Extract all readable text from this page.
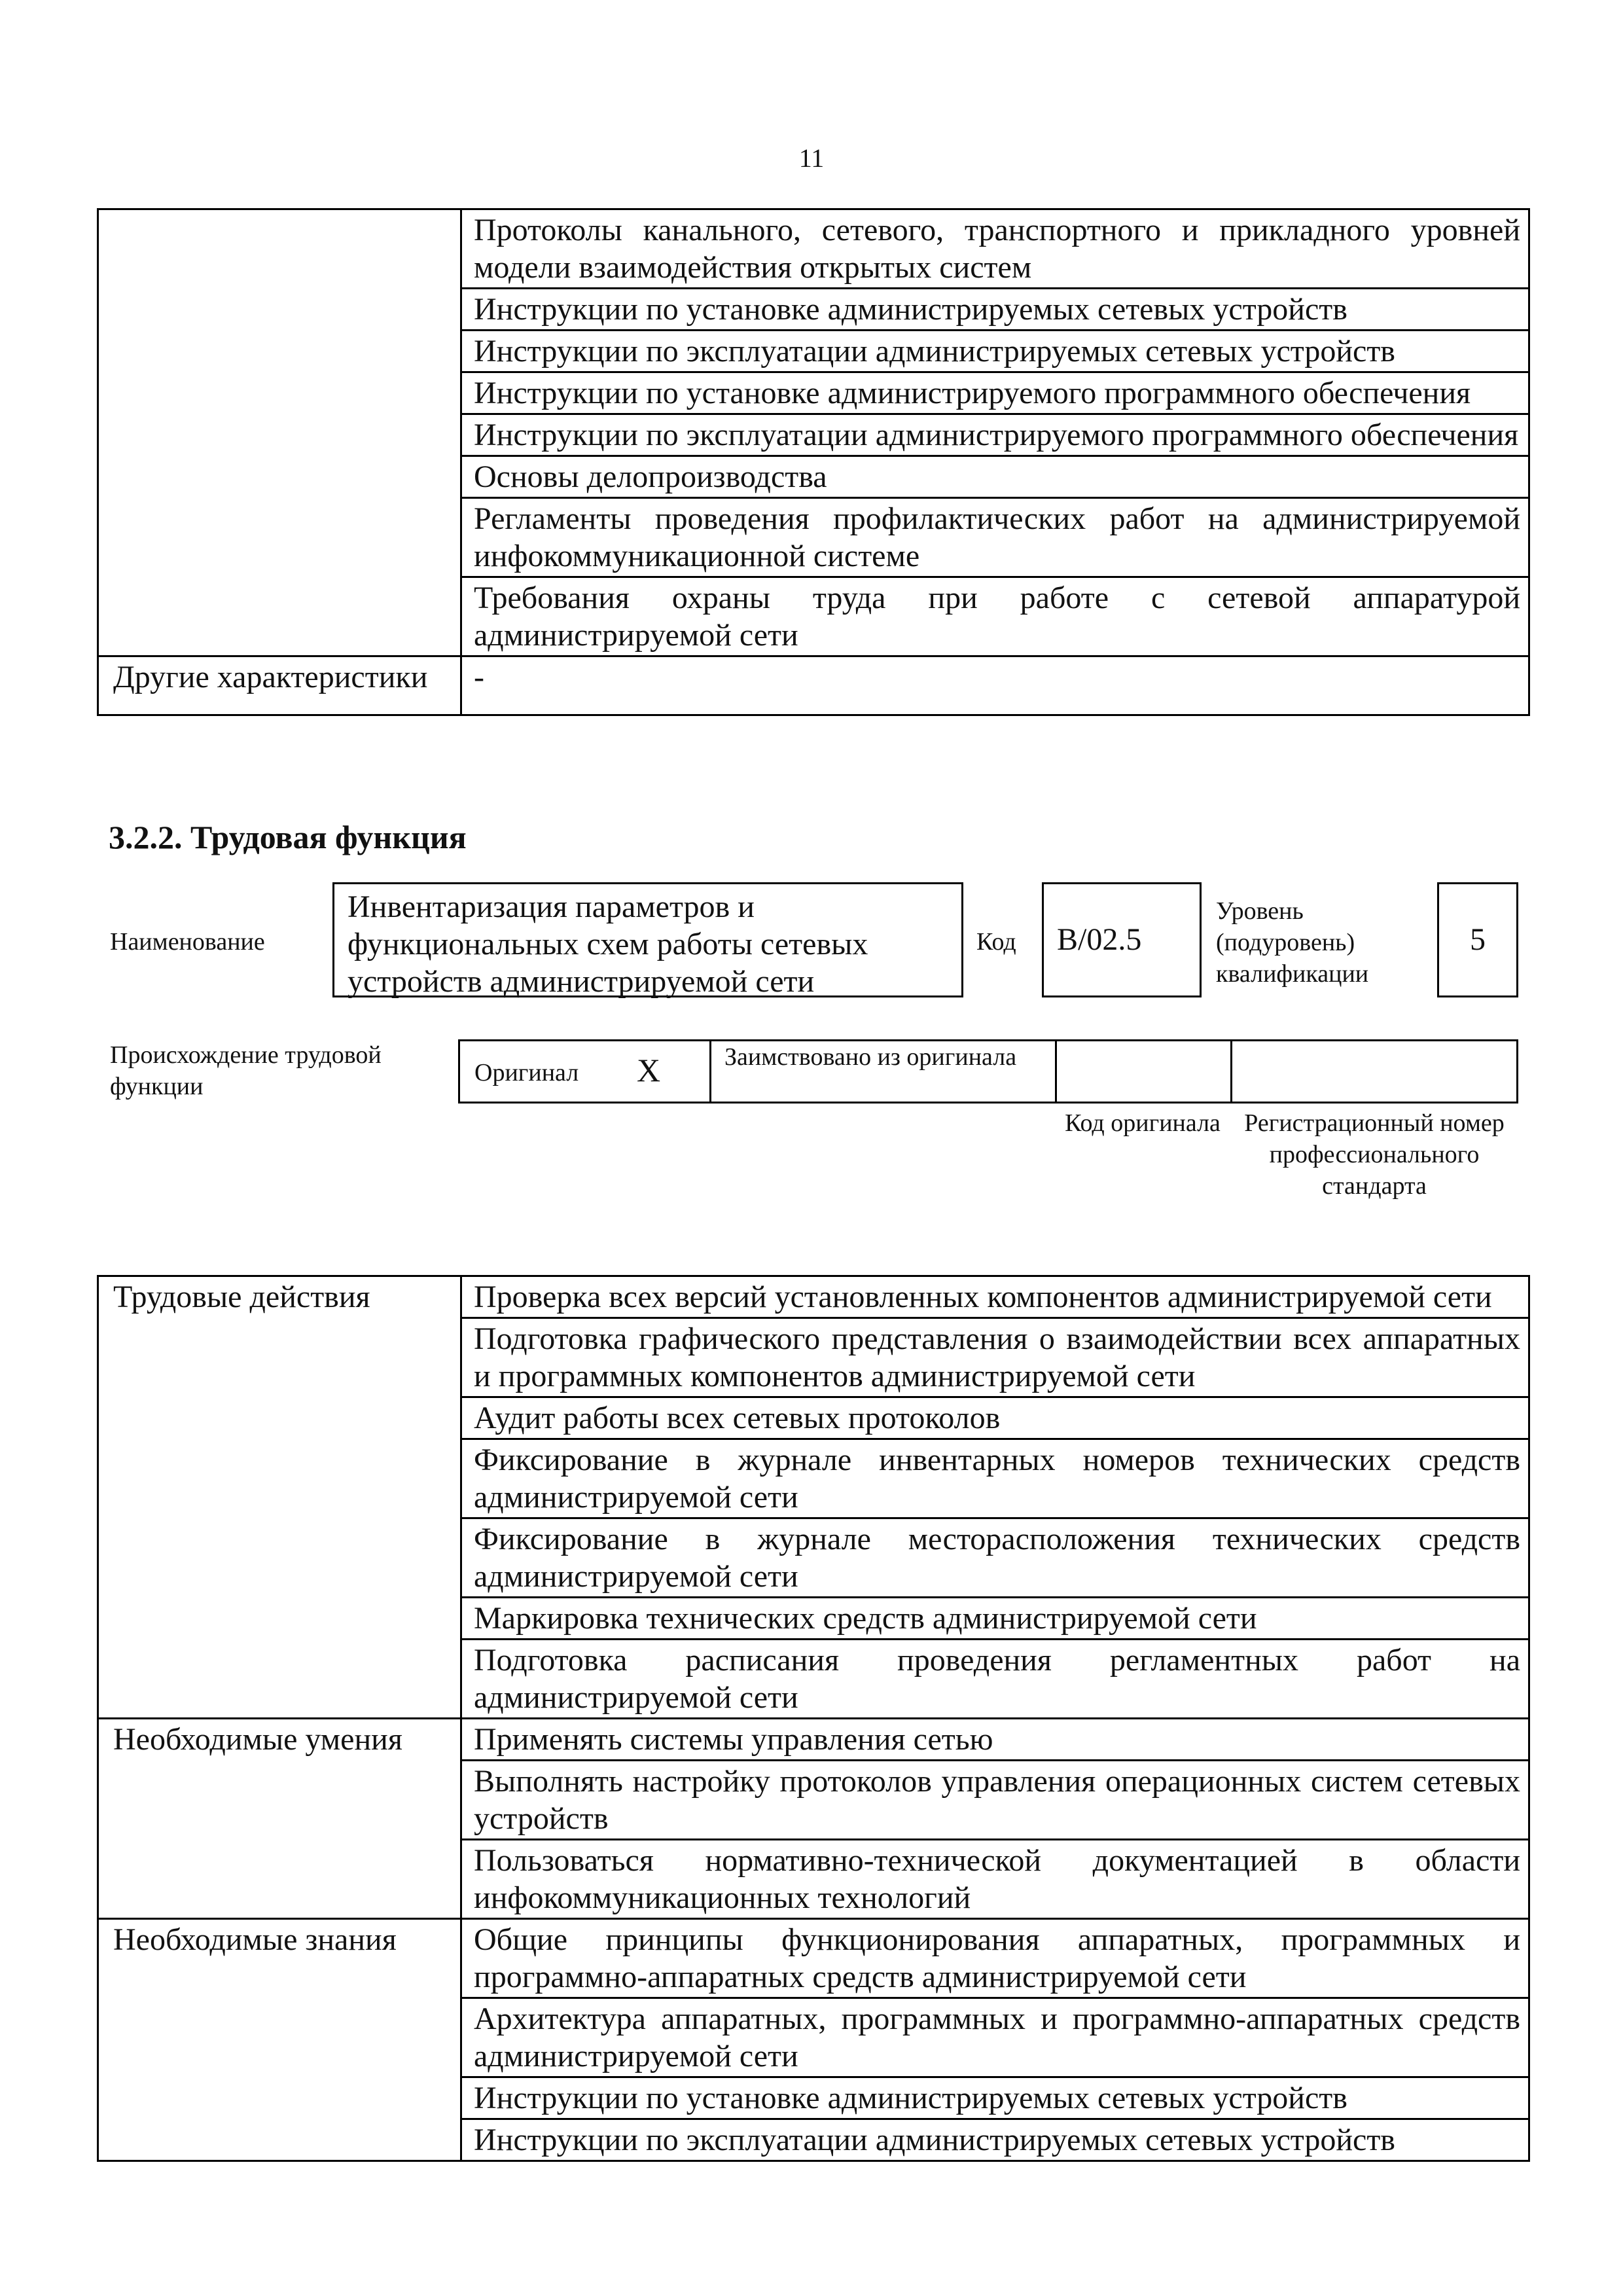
11
	Протоколы канального, сетевого, транспортного и прикладного уровней модели взаимодействия открытых систем
	Инструкции по установке администрируемых сетевых устройств
	Инструкции по эксплуатации администрируемых сетевых устройств
	Инструкции по установке администрируемого программного обеспечения
	Инструкции по эксплуатации администрируемого программного обеспечения
	Основы делопроизводства
	Регламенты проведения профилактических работ на администрируемой инфокоммуникационной системе
	Требования охраны труда при работе с сетевой аппаратурой администрируемой сети
Другие характеристики	-
3.2.2. Трудовая функция
Наименование
Инвентаризация параметров и функциональных схем работы сетевых устройств администрируемой сети
Код	B/02.5
Уровень (подуровень) квалификации
5
Происхождение трудовой функции	Оригинал X	Заимствовано из оригинала
Код оригинала Регистрационный номер профессионального стандарта
Трудовые действия	Проверка всех версий установленных компонентов администрируемой сети
	Подготовка графического представления о взаимодействии всех аппаратных и программных компонентов администрируемой сети
	Аудит работы всех сетевых протоколов
	Фиксирование в журнале инвентарных номеров технических средств администрируемой сети
	Фиксирование в журнале месторасположения технических средств администрируемой сети
	Маркировка технических средств администрируемой сети
	Подготовка расписания проведения регламентных работ на администрируемой сети
Необходимые умения	Применять системы управления сетью
	Выполнять настройку протоколов управления операционных систем сетевых устройств
	Пользоваться нормативно-технической документацией в области инфокоммуникационных технологий
Необходимые знания	Общие принципы функционирования аппаратных, программных и программно-аппаратных средств администрируемой сети
	Архитектура аппаратных, программных и программно-аппаратных средств администрируемой сети
	Инструкции по установке администрируемых сетевых устройств
	Инструкции по эксплуатации администрируемых сетевых устройств
